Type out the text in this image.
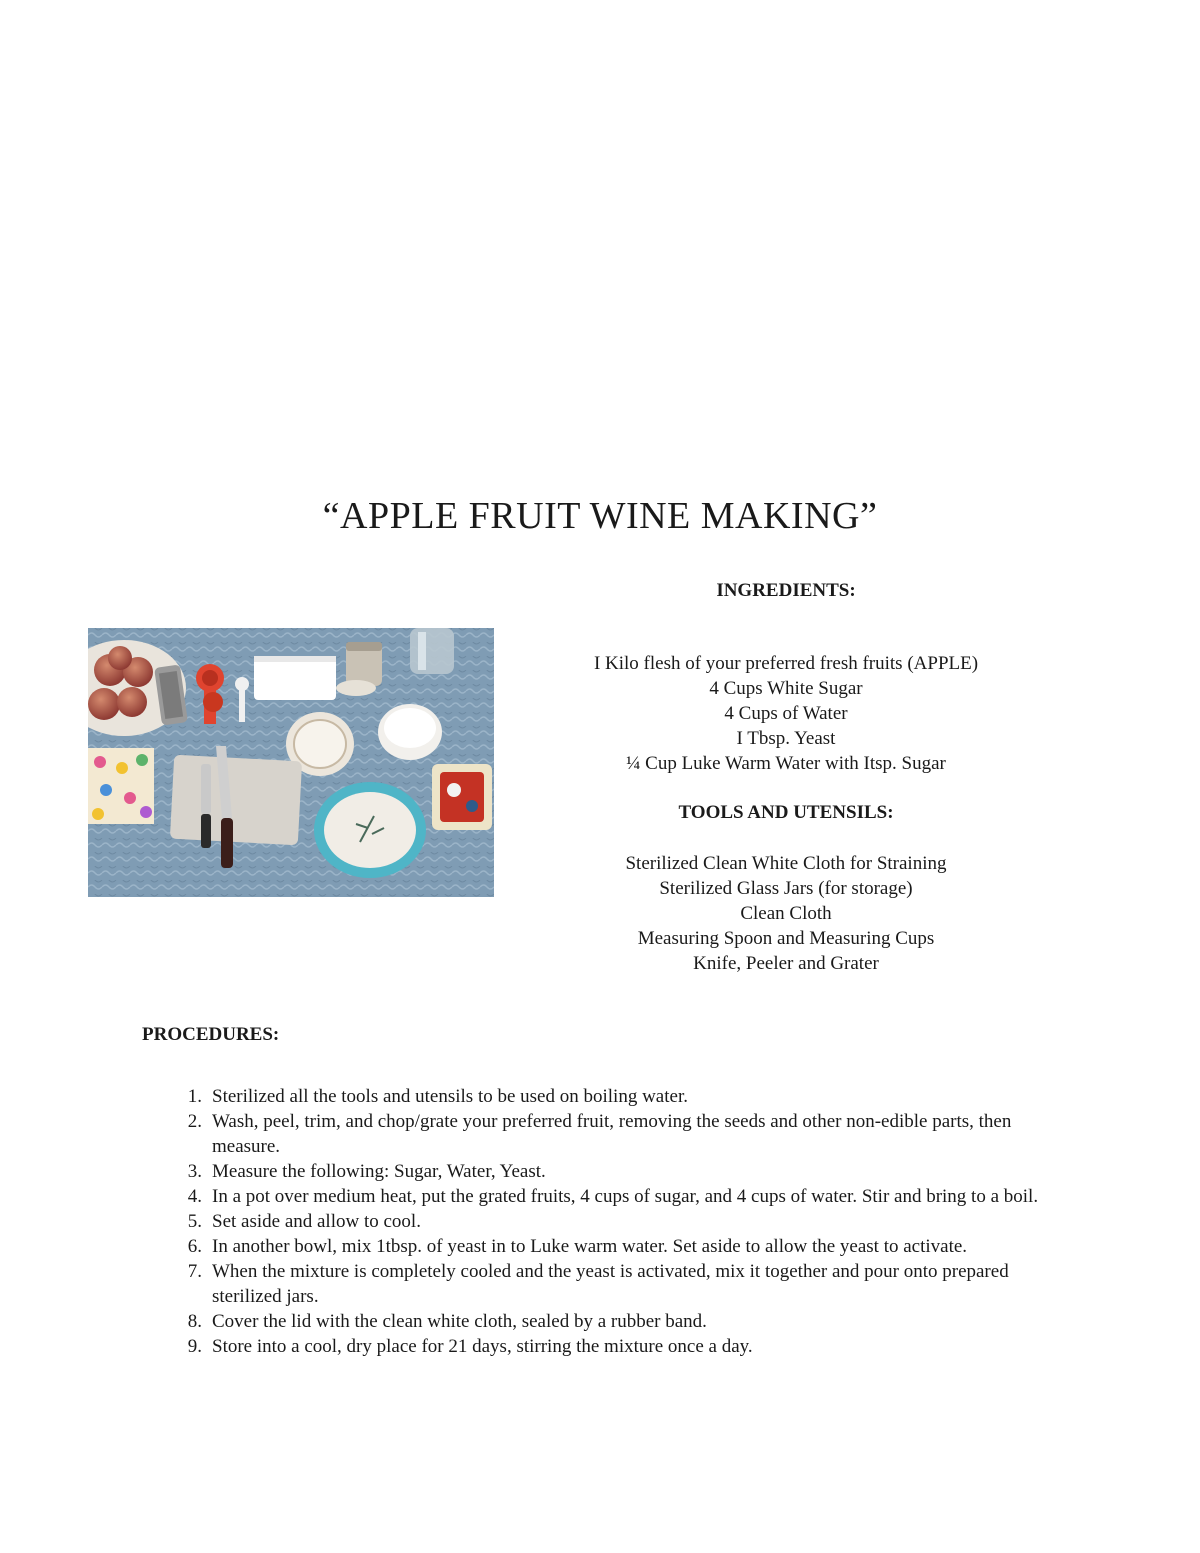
“APPLE FRUIT WINE MAKING”
INGREDIENTS:
I Kilo flesh of your preferred fresh fruits (APPLE)
4 Cups White Sugar
4 Cups of Water
I Tbsp. Yeast
¼ Cup Luke Warm Water with Itsp. Sugar
TOOLS AND UTENSILS:
Sterilized Clean White Cloth for Straining
Sterilized Glass Jars (for storage)
Clean Cloth
Measuring Spoon and Measuring Cups
Knife, Peeler and Grater
PROCEDURES:
1. Sterilized all the tools and utensils to be used on boiling water.
2. Wash, peel, trim, and chop/grate your preferred fruit, removing the seeds and other non-edible parts, then measure.
3. Measure the following: Sugar, Water, Yeast.
4. In a pot over medium heat, put the grated fruits, 4 cups of sugar, and 4 cups of water. Stir and bring to a boil.
5. Set aside and allow to cool.
6. In another bowl, mix 1tbsp. of yeast in to Luke warm water. Set aside to allow the yeast to activate.
7. When the mixture is completely cooled and the yeast is activated, mix it together and pour onto prepared sterilized jars.
8. Cover the lid with the clean white cloth, sealed by a rubber band.
9. Store into a cool, dry place for 21 days, stirring the mixture once a day.
